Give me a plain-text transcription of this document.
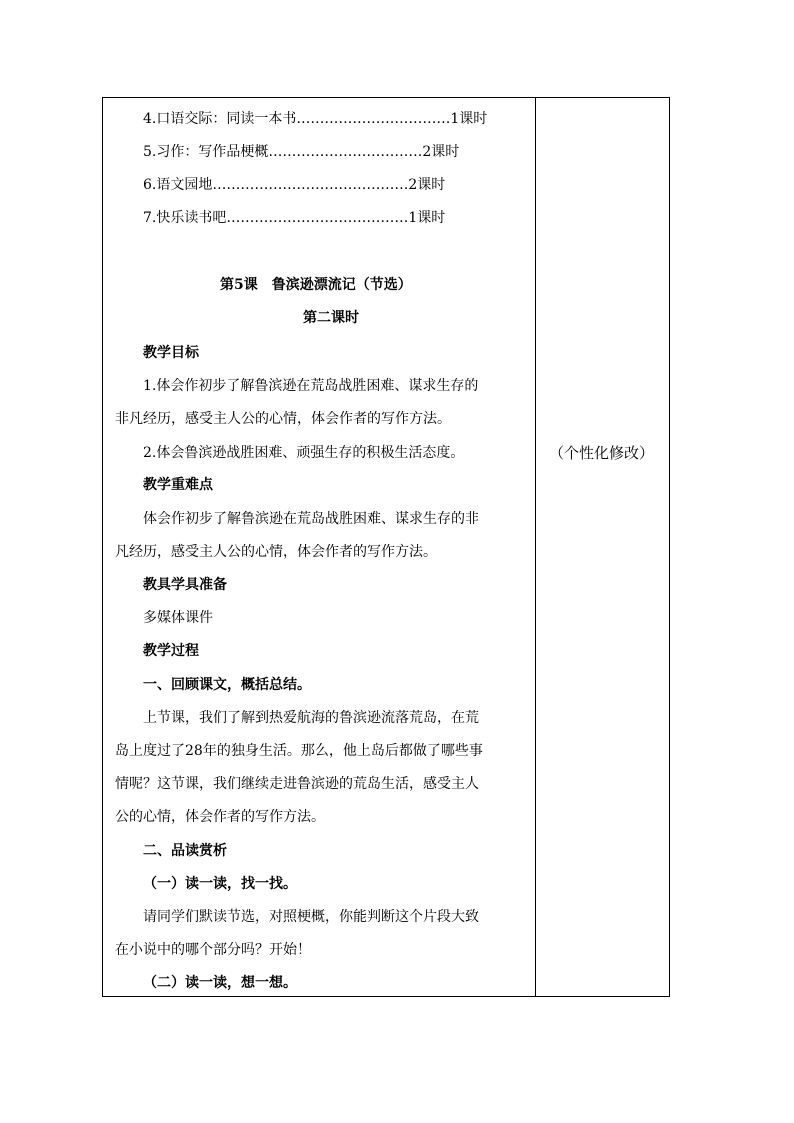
4.口语交际：同读一本书……………………………1课时
5.习作：写作品梗概……………………………2课时
6.语文园地……………………………………2课时
7.快乐读书吧…………………………………1课时
第5课　鲁滨逊漂流记（节选）
第二课时
教学目标
1.体会作初步了解鲁滨逊在荒岛战胜困难、谋求生存的
非凡经历，感受主人公的心情，体会作者的写作方法。
2.体会鲁滨逊战胜困难、顽强生存的积极生活态度。
教学重难点
体会作初步了解鲁滨逊在荒岛战胜困难、谋求生存的非
凡经历，感受主人公的心情，体会作者的写作方法。
教具学具准备
多媒体课件
教学过程
一、回顾课文，概括总结。
上节课，我们了解到热爱航海的鲁滨逊流落荒岛，在荒
岛上度过了28年的独身生活。那么，他上岛后都做了哪些事
情呢？这节课，我们继续走进鲁滨逊的荒岛生活，感受主人
公的心情，体会作者的写作方法。
二、品读赏析
（一）读一读，找一找。
请同学们默读节选，对照梗概，你能判断这个片段大致
在小说中的哪个部分吗？开始！
（二）读一读，想一想。
（个性化修改）
